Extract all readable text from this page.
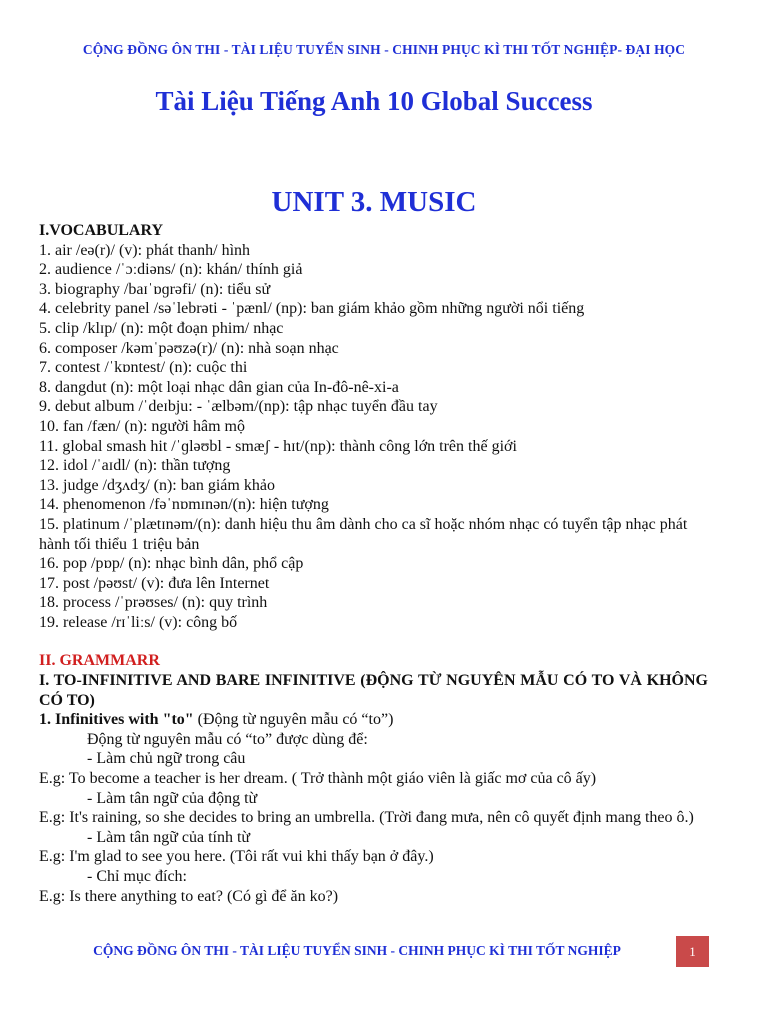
CỘNG ĐỒNG ÔN THI - TÀI LIỆU TUYỂN SINH - CHINH PHỤC KÌ THI TỐT NGHIỆP- ĐẠI HỌC
Tài Liệu Tiếng Anh 10 Global Success
UNIT 3. MUSIC

I.VOCABULARY

1. air /eə(r)/ (v): phát thanh/ hình

2. audience /ˈɔːdiəns/ (n): khán/ thính giả

3. biography /baɪˈɒɡrəfi/ (n): tiểu sử

4. celebrity panel /səˈlebrəti - ˈpænl/ (np): ban giám khảo gồm những người nổi tiếng

5. clip /klɪp/ (n): một đoạn phim/ nhạc

6. composer /kəmˈpəʊzə(r)/ (n): nhà soạn nhạc

7. contest /ˈkɒntest/ (n): cuộc thi

8. dangdut (n): một loại nhạc dân gian của In-đô-nê-xi-a

9. debut album /ˈdeɪbju: - ˈælbəm/(np): tập nhạc tuyển đầu tay

10. fan /fæn/ (n): người hâm mộ

11. global smash hit /ˈɡləʊbl - smæʃ - hɪt/(np): thành công lớn trên thế giới

12. idol /ˈaɪdl/ (n): thần tượng

13. judge /dʒʌdʒ/ (n): ban giám khảo

14. phenomenon /fəˈnɒmɪnən/(n): hiện tượng

15. platinum /ˈplætɪnəm/(n): danh hiệu thu âm dành cho ca sĩ hoặc nhóm nhạc có tuyển tập nhạc phát hành tối thiểu 1 triệu bản

16. pop /pɒp/ (n): nhạc bình dân, phổ cập

17. post /pəʊst/ (v): đưa lên Internet

18. process /ˈprəʊses/ (n): quy trình

19. release /rɪˈliːs/ (v): công bố

II. GRAMMARR

I. TO-INFINITIVE AND BARE INFINITIVE (ĐỘNG TỪ NGUYÊN MẪU CÓ TO VÀ KHÔNG CÓ TO)

1. Infinitives with "to" (Động từ nguyên mẫu có “to”)

Động từ nguyên mẫu có “to” được dùng để:

- Làm chủ ngữ trong câu

E.g: To become a teacher is her dream. ( Trở thành một giáo viên là giấc mơ của cô ấy)

- Làm tân ngữ của động từ

E.g: It's raining, so she decides to bring an umbrella. (Trời đang mưa, nên cô quyết định mang theo ô.)

- Làm tân ngữ của tính từ

E.g: I'm glad to see you here. (Tôi rất vui khi thấy bạn ở đây.)

- Chỉ mục đích:

E.g: Is there anything to eat? (Có gì để ăn ko?)

CỘNG ĐỒNG ÔN THI - TÀI LIỆU TUYỂN SINH - CHINH PHỤC KÌ THI TỐT NGHIỆP	1
